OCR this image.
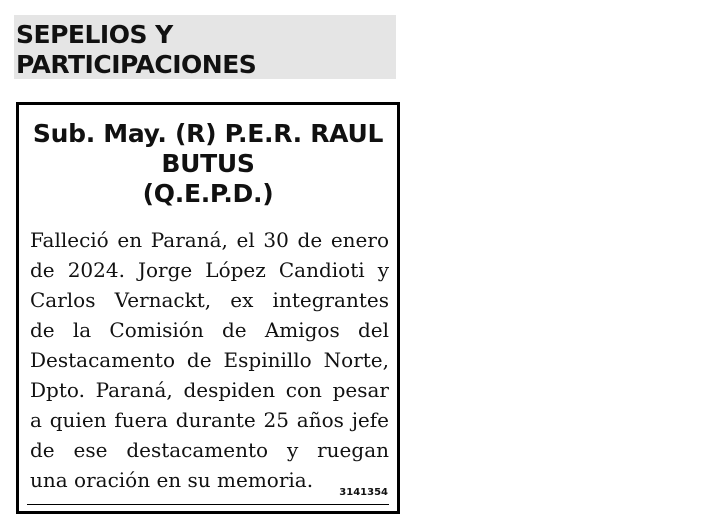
SEPELIOS Y
PARTICIPACIONES
Sub. May. (R) P.E.R. RAUL
BUTUS
(Q.E.P.D.)
Falleció en Paraná, el 30 de enero
de 2024. Jorge López Candioti y
Carlos Vernackt, ex integrantes
de la Comisión de Amigos del
Destacamento de Espinillo Norte,
Dpto. Paraná, despiden con pesar
a quien fuera durante 25 años jefe
de ese destacamento y ruegan
una oración en su memoria.
3141354
